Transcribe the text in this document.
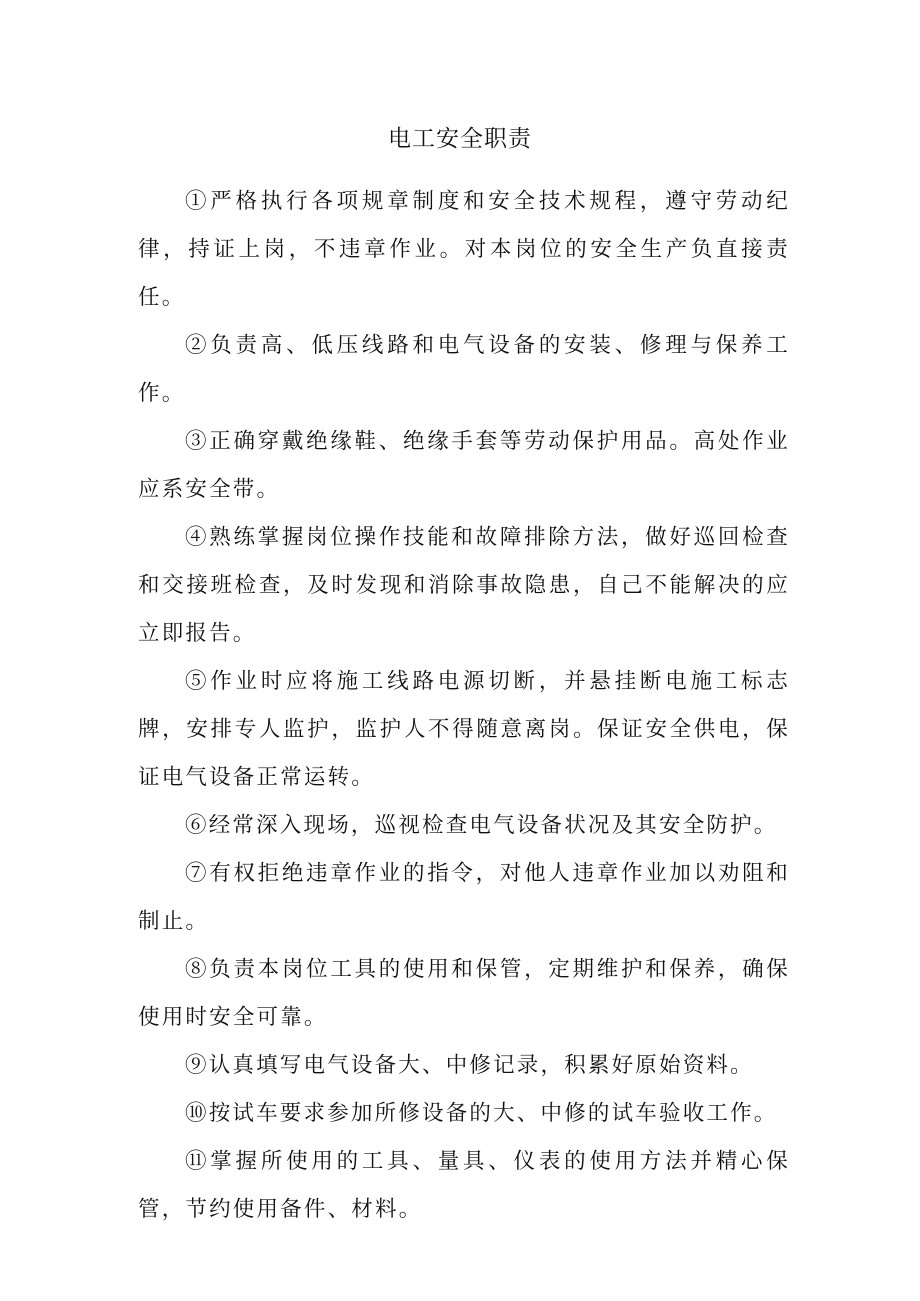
电工安全职责

①严格执行各项规章制度和安全技术规程，遵守劳动纪律，持证上岗，不违章作业。对本岗位的安全生产负直接责任。

②负责高、低压线路和电气设备的安装、修理与保养工作。

③正确穿戴绝缘鞋、绝缘手套等劳动保护用品。高处作业应系安全带。

④熟练掌握岗位操作技能和故障排除方法，做好巡回检查和交接班检查，及时发现和消除事故隐患，自己不能解决的应立即报告。

⑤作业时应将施工线路电源切断，并悬挂断电施工标志牌，安排专人监护，监护人不得随意离岗。保证安全供电，保证电气设备正常运转。

⑥经常深入现场，巡视检查电气设备状况及其安全防护。

⑦有权拒绝违章作业的指令，对他人违章作业加以劝阻和制止。

⑧负责本岗位工具的使用和保管，定期维护和保养，确保使用时安全可靠。

⑨认真填写电气设备大、中修记录，积累好原始资料。

⑩按试车要求参加所修设备的大、中修的试车验收工作。

⑪掌握所使用的工具、量具、仪表的使用方法并精心保管，节约使用备件、材料。
